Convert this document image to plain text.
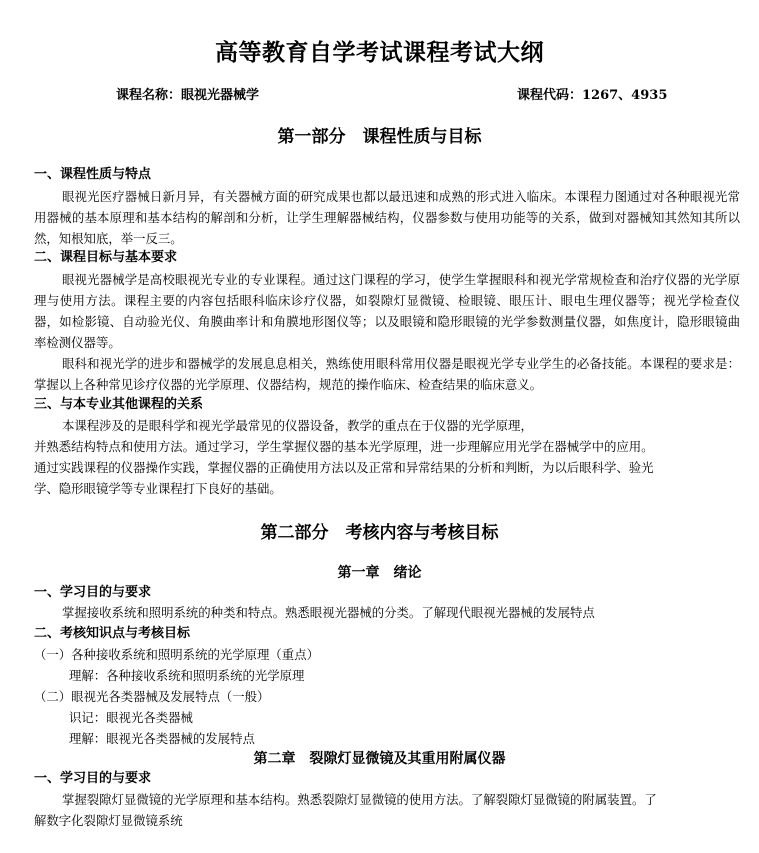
高等教育自学考试课程考试大纲
课程名称：眼视光器械学	课程代码：1267、4935
第一部分　课程性质与目标
一、课程性质与特点

眼视光医疗器械日新月异，有关器械方面的研究成果也都以最迅速和成熟的形式进入临床。本课程力图通过对各种眼视光常用器械的基本原理和基本结构的解剖和分析，让学生理解器械结构，仪器参数与使用功能等的关系，做到对器械知其然知其所以然，知根知底，举一反三。

二、课程目标与基本要求

眼视光器械学是高校眼视光专业的专业课程。通过这门课程的学习，使学生掌握眼科和视光学常规检查和治疗仪器的光学原理与使用方法。课程主要的内容包括眼科临床诊疗仪器，如裂隙灯显微镜、检眼镜、眼压计、眼电生理仪器等；视光学检查仪器，如检影镜、自动验光仪、角膜曲率计和角膜地形图仪等；以及眼镜和隐形眼镜的光学参数测量仪器，如焦度计，隐形眼镜曲率检测仪器等。

眼科和视光学的进步和器械学的发展息息相关，熟练使用眼科常用仪器是眼视光学专业学生的必备技能。本课程的要求是：掌握以上各种常见诊疗仪器的光学原理、仪器结构，规范的操作临床、检查结果的临床意义。

三、与本专业其他课程的关系
本课程涉及的是眼科学和视光学最常见的仪器设备，教学的重点在于仪器的光学原理，
并熟悉结构特点和使用方法。通过学习，学生掌握仪器的基本光学原理，进一步理解应用光学在器械学中的应用。
通过实践课程的仪器操作实践，掌握仪器的正确使用方法以及正常和异常结果的分析和判断，为以后眼科学、验光
学、隐形眼镜学等专业课程打下良好的基础。
第二部分　考核内容与考核目标
第一章　绪论
一、学习目的与要求
掌握接收系统和照明系统的种类和特点。熟悉眼视光器械的分类。了解现代眼视光器械的发展特点
二、考核知识点与考核目标
（一）各种接收系统和照明系统的光学原理（重点）
理解：各种接收系统和照明系统的光学原理
（二）眼视光各类器械及发展特点（一般）
识记：眼视光各类器械
理解：眼视光各类器械的发展特点
第二章　裂隙灯显微镜及其重用附属仪器
一、学习目的与要求
掌握裂隙灯显微镜的光学原理和基本结构。熟悉裂隙灯显微镜的使用方法。了解裂隙灯显微镜的附属装置。了
解数字化裂隙灯显微镜系统
